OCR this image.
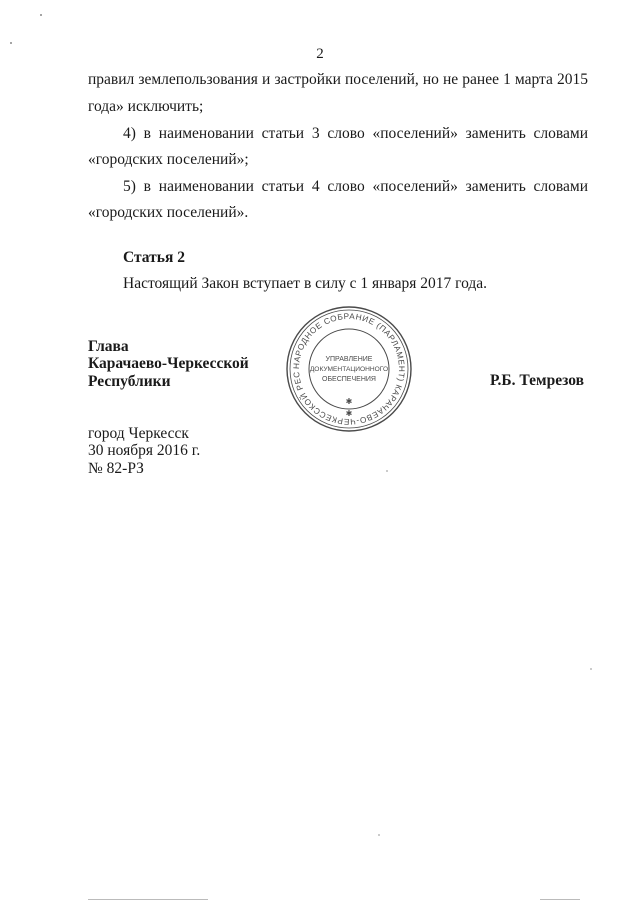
2
правил землепользования и застройки поселений, но не ранее 1 марта 2015
года» исключить;
4) в наименовании статьи 3 слово «поселений» заменить словами
«городских поселений»;
5) в наименовании статьи 4 слово «поселений» заменить словами
«городских поселений».
Статья 2
Настоящий Закон вступает в силу с 1 января 2017 года.
Глава
Карачаево-Черкесской
Республики
НАРОДНОЕ СОБРАНИЕ (ПАРЛАМЕНТ) КАРАЧАЕВО-ЧЕРКЕССКОЙ РЕС
УПРАВЛЕНИЕ
ДОКУМЕНТАЦИОННОГО
ОБЕСПЕЧЕНИЯ
✱
✱
Р.Б. Темрезов
город Черкесск
30 ноября 2016 г.
№ 82-РЗ
